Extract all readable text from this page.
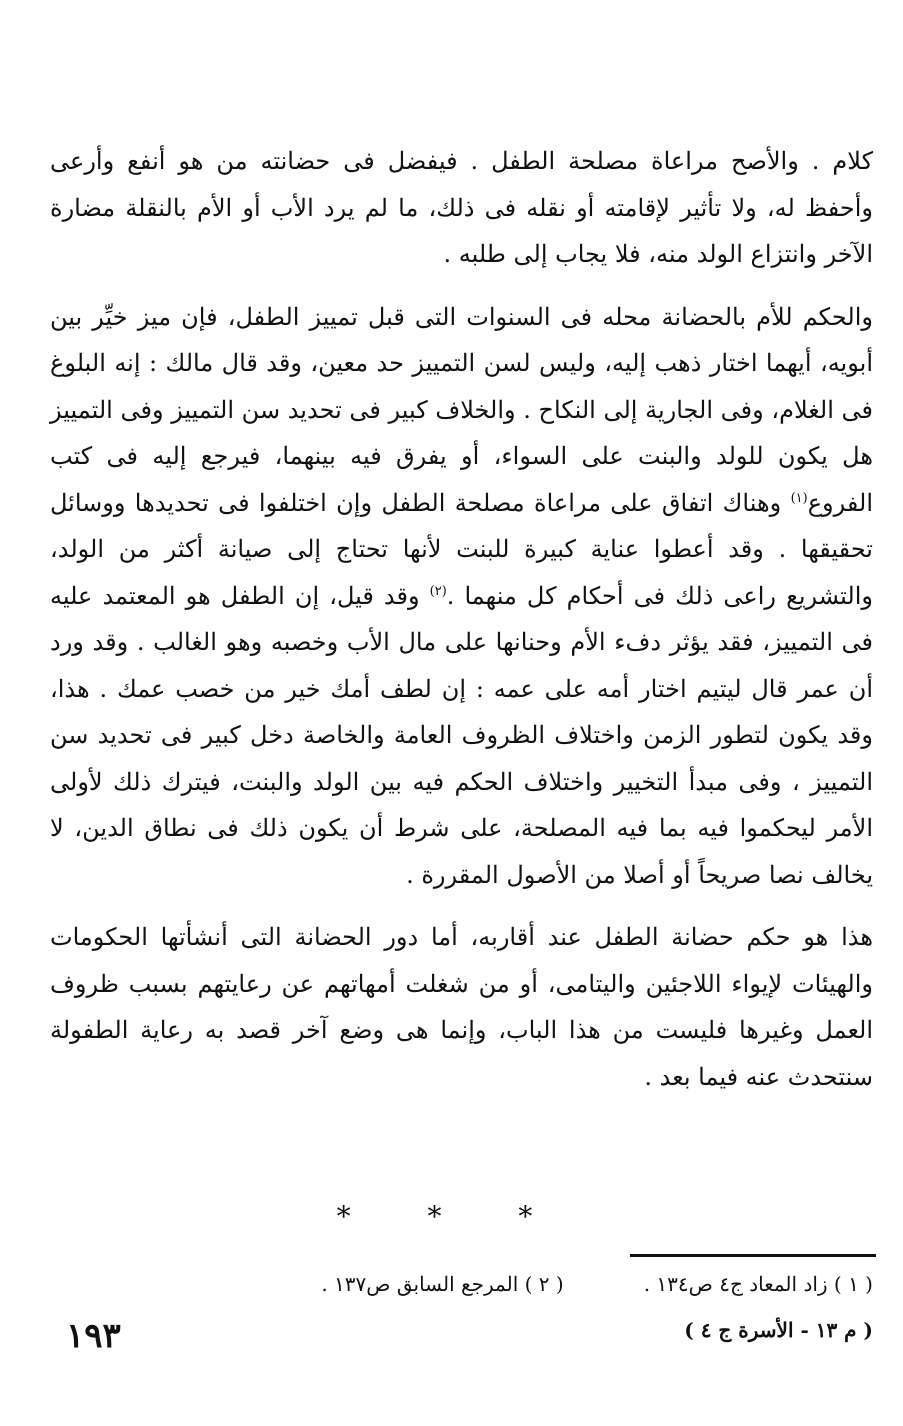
كلام . والأصح مراعاة مصلحة الطفل . فيفضل فى حضانته من هو أنفع وأرعى وأحفظ له، ولا تأثير لإقامته أو نقله فى ذلك، ما لم يرد الأب أو الأم بالنقلة مضارة الآخر وانتزاع الولد منه، فلا يجاب إلى طلبه .

والحكم للأم بالحضانة محله فى السنوات التى قبل تمييز الطفل، فإن ميز خيِّر بين أبويه، أيهما اختار ذهب إليه، وليس لسن التمييز حد معين، وقد قال مالك : إنه البلوغ فى الغلام، وفى الجارية إلى النكاح . والخلاف كبير فى تحديد سن التمييز وفى التمييز هل يكون للولد والبنت على السواء، أو يفرق فيه بينهما، فيرجع إليه فى كتب الفروع$^{(١)}$ وهناك اتفاق على مراعاة مصلحة الطفل وإن اختلفوا فى تحديدها ووسائل تحقيقها . وقد أعطوا عناية كبيرة للبنت لأنها تحتاج إلى صيانة أكثر من الولد، والتشريع راعى ذلك فى أحكام كل منهما .$^{(٢)}$ وقد قيل، إن الطفل هو المعتمد عليه فى التمييز، فقد يؤثر دفء الأم وحنانها على مال الأب وخصبه وهو الغالب . وقد ورد أن عمر قال ليتيم اختار أمه على عمه : إن لطف أمك خير من خصب عمك . هذا، وقد يكون لتطور الزمن واختلاف الظروف العامة والخاصة دخل كبير فى تحديد سن التمييز ، وفى مبدأ التخيير واختلاف الحكم فيه بين الولد والبنت، فيترك ذلك لأولى الأمر ليحكموا فيه بما فيه المصلحة، على شرط أن يكون ذلك فى نطاق الدين، لا يخالف نصا صريحاً أو أصلا من الأصول المقررة .

هذا هو حكم حضانة الطفل عند أقاربه، أما دور الحضانة التى أنشأتها الحكومات والهيئات لإيواء اللاجئين واليتامى، أو من شغلت أمهاتهم عن رعايتهم بسبب ظروف العمل وغيرها فليست من هذا الباب، وإنما هى وضع آخر قصد به رعاية الطفولة سنتحدث عنه فيما بعد .

* * *
( ١ ) زاد المعاد ج٤ ص١٣٤ .
( ٢ ) المرجع السابق ص١٣٧ .
( م ١٣ - الأسرة ج ٤ )
١٩٣
